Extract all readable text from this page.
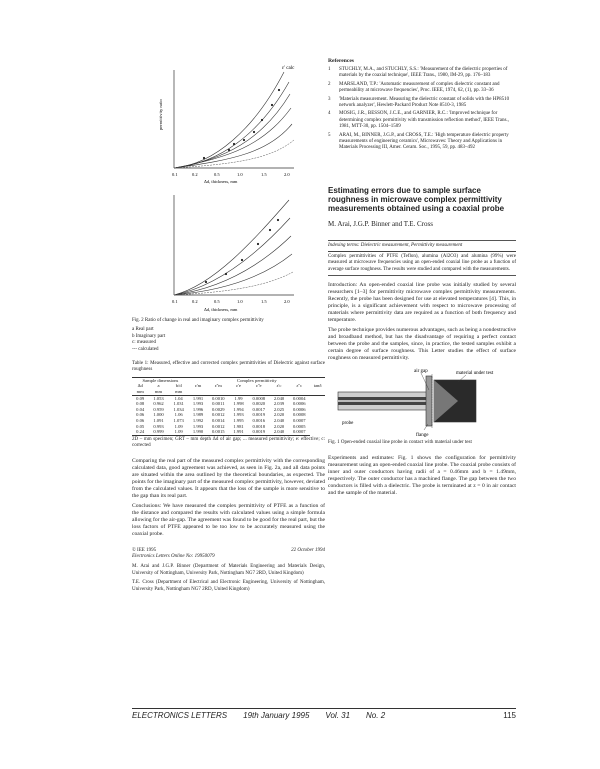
ε' calc
permittivity ratio
0.1	0.2	0.5	1.0	1.5	2.0
Δd, thickness, mm
0.1	0.2	0.5	1.0	1.5	2.0
Δd, thickness, mm

Fig. 2 Ratio of change in real and imaginary complex permittivity

a Real part
b Imaginary part
c: measured
--- calculated

Table 1: Measured, effective and corrected complex permittivities of Dielectric against surface roughness

Sample dimensions			Complex permittivity						
Δd	a	b/d	ε'm	ε''m	ε'e	ε''e	ε'c	ε''c	tanδ
mm	mm	mm							
0.09	1.053	1.04	1.991	0.0010	1.99	0.0008	2.040	0.0004	
0.08	0.962	1.031	1.993	0.0011	1.998	0.0020	2.039	0.0006	
0.04	0.959	1.034	1.996	0.0029	1.994	0.0017	2.025	0.0006	
0.06	1.000	1.06	1.989	0.0012	1.993	0.0019	2.020	0.0008	
0.06	1.091	1.073	1.992	0.0014	1.995	0.0016	2.040	0.0007	
0.05	0.993	1.09	1.993	0.0012	1.981	0.0018	2.020	0.0005	
0.24	0.999	1.09	1.990	0.0015	1.991	0.0019	2.040	0.0007	

2D – mm specimen; GRT – mm depth Δd of air gap; ... measured permittivity; e: effective; c: corrected

Comparing the real part of the measured complex permittivity with the corresponding calculated data, good agreement was achieved, as seen in Fig. 2a, and all data points are situated within the area outlined by the theoretical boundaries, as expected. The points for the imaginary part of the measured complex permittivity, however, deviated from the calculated values. It appears that the loss of the sample is more sensitive to the gap than its real part.

Conclusions: We have measured the complex permittivity of PTFE as a function of the distance and compared the results with calculated values using a simple formula allowing for the air-gap. The agreement was found to be good for the real part, but the loss factors of PTFE appeared to be too low to be accurately measured using the coaxial probe.

© IEE 1995	22 October 1994
Electronics Letters Online No: 19950079

M. Arai and J.G.P. Binner (Department of Materials Engineering and Materials Design, University of Nottingham, University Park, Nottingham NG7 2RD, United Kingdom)

T.E. Cross (Department of Electrical and Electronic Engineering, University of Nottingham, University Park, Nottingham NG7 2RD, United Kingdom)

References
1	STUCHLY, M.A., and STUCHLY, S.S.: 'Measurement of the dielectric properties of materials by the coaxial technique', IEEE Trans., 1980, IM-29, pp. 176–183
2	MARSLAND, T.P.: 'Automatic measurement of complex dielectric constant and permeability at microwave frequencies', Proc. IEEE, 1974, 62, (1), pp. 33–36
3	'Materials measurement. Measuring the dielectric constant of solids with the HP8510 network analyzer', Hewlett-Packard Product Note 8510-3, 1985
4	MOSIG, J.R., BESSON, J.C.E., and GARNIER, R.C.: 'Improved technique for determining complex permittivity with transmission reflection method', IEEE Trans., 1981, MTT-30, pp. 1504–1509
5	ARAI, M., BINNER, J.G.P., and CROSS, T.E.: 'High temperature dielectric property measurements of engineering ceramics', Microwaves: Theory and Applications in Materials Processing III, Amer. Ceram. Soc., 1995, 59, pp. 483–492
Estimating errors due to sample surface roughness in microwave complex permittivity measurements obtained using a coaxial probe
M. Arai, J.G.P. Binner and T.E. Cross
Indexing terms: Dielectric measurement, Permittivity measurement

Complex permittivities of PTFE (Teflon), alumina (Al2O3) and alumina (99%) were measured at microwave frequencies using an open-ended coaxial line probe as a function of average surface roughness. The results were studied and compared with the measurements.

Introduction: An open-ended coaxial line probe was initially studied by several researchers [1–3] for permittivity microwave complex permittivity measurements. Recently, the probe has been designed for use at elevated temperatures [4]. This, in principle, is a significant achievement with respect to microwave processing of materials where permittivity data are required as a function of both frequency and temperature.

The probe technique provides numerous advantages, such as being a nondestructive and broadband method, but has the disadvantage of requiring a perfect contact between the probe and the samples, since, in practice, the tested samples exhibit a certain degree of surface roughness. This Letter studies the effect of surface roughness on measured permittivity.

air gap	material under test
probe
flange

Fig. 1 Open-ended coaxial line probe in contact with material under test

Experiments and estimates: Fig. 1 shows the configuration for permittivity measurement using an open-ended coaxial line probe. The coaxial probe consists of inner and outer conductors having radii of a = 0.46mm and b = 1.49mm, respectively. The outer conductor has a machined flange. The gap between the two conductors is filled with a dielectric. The probe is terminated at z = 0 in air contact and the sample of the material.

ELECTRONICS LETTERS 19th January 1995 Vol. 31 No. 2	115
